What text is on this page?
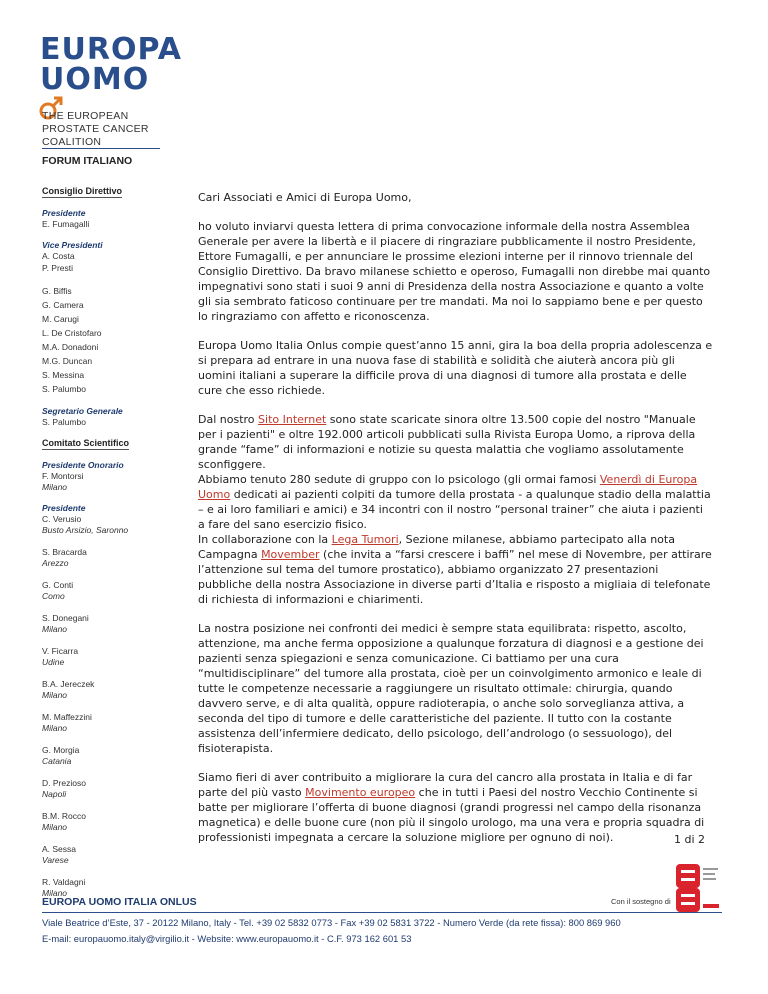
EUROPA
UOMO
THE EUROPEAN
PROSTATE CANCER
COALITION
FORUM ITALIANO
Consiglio Direttivo
Presidente
E. Fumagalli
Vice Presidenti
A. Costa
P. Presti
G. Biffis
G. Camera
M. Carugi
L. De Cristofaro
M.A. Donadoni
M.G. Duncan
S. Messina
S. Palumbo
Segretario Generale
S. Palumbo
Comitato Scientifico
Presidente Onorario
F. Montorsi
Milano
Presidente
C. Verusio
Busto Arsizio, Saronno
S. Bracarda
Arezzo
G. Conti
Como
S. Donegani
Milano
V. Ficarra
Udine
B.A. Jereczek
Milano
M. Maffezzini
Milano
G. Morgia
Catania
D. Prezioso
Napoli
B.M. Rocco
Milano
A. Sessa
Varese
R. Valdagni
Milano

Cari Associati e Amici di Europa Uomo,

ho voluto inviarvi questa lettera di prima convocazione informale della nostra Assemblea Generale per avere la libertà e il piacere di ringraziare pubblicamente il nostro Presidente, Ettore Fumagalli, e per annunciare le prossime elezioni interne per il rinnovo triennale del Consiglio Direttivo. Da bravo milanese schietto e operoso, Fumagalli non direbbe mai quanto impegnativi sono stati i suoi 9 anni di Presidenza della nostra Associazione e quanto a volte gli sia sembrato faticoso continuare per tre mandati. Ma noi lo sappiamo bene e per questo lo ringraziamo con affetto e riconoscenza.

Europa Uomo Italia Onlus compie quest’anno 15 anni, gira la boa della propria adolescenza e si prepara ad entrare in una nuova fase di stabilità e solidità che aiuterà ancora più gli uomini italiani a superare la difficile prova di una diagnosi di tumore alla prostata e delle cure che esso richiede.

Dal nostro Sito Internet sono state scaricate sinora oltre 13.500 copie del nostro "Manuale per i pazienti" e oltre 192.000 articoli pubblicati sulla Rivista Europa Uomo, a riprova della grande “fame” di informazioni e notizie su questa malattia che vogliamo assolutamente sconfiggere.
Abbiamo tenuto 280 sedute di gruppo con lo psicologo (gli ormai famosi Venerdì di Europa Uomo dedicati ai pazienti colpiti da tumore della prostata - a qualunque stadio della malattia – e ai loro familiari e amici) e 34 incontri con il nostro “personal trainer” che aiuta i pazienti a fare del sano esercizio fisico.
In collaborazione con la Lega Tumori, Sezione milanese, abbiamo partecipato alla nota Campagna Movember (che invita a “farsi crescere i baffi” nel mese di Novembre, per attirare l’attenzione sul tema del tumore prostatico), abbiamo organizzato 27 presentazioni pubbliche della nostra Associazione in diverse parti d’Italia e risposto a migliaia di telefonate di richiesta di informazioni e chiarimenti.

La nostra posizione nei confronti dei medici è sempre stata equilibrata: rispetto, ascolto, attenzione, ma anche ferma opposizione a qualunque forzatura di diagnosi e a gestione dei pazienti senza spiegazioni e senza comunicazione. Ci battiamo per una cura “multidisciplinare” del tumore alla prostata, cioè per un coinvolgimento armonico e leale di tutte le competenze necessarie a raggiungere un risultato ottimale: chirurgia, quando davvero serve, e di alta qualità, oppure radioterapia, o anche solo sorveglianza attiva, a seconda del tipo di tumore e delle caratteristiche del paziente. Il tutto con la costante assistenza dell’infermiere dedicato, dello psicologo, dell’andrologo (o sessuologo), del fisioterapista.

Siamo fieri di aver contribuito a migliorare la cura del cancro alla prostata in Italia e di far parte del più vasto Movimento europeo che in tutti i Paesi del nostro Vecchio Continente si batte per migliorare l’offerta di buone diagnosi (grandi progressi nel campo della risonanza magnetica) e delle buone cure (non più il singolo urologo, ma una vera e propria squadra di professionisti impegnata a cercare la soluzione migliore per ognuno di noi).	1 di 2
Con il sostegno di
EUROPA UOMO ITALIA ONLUS
Viale Beatrice d’Este, 37 - 20122 Milano, Italy - Tel. +39 02 5832 0773 - Fax +39 02 5831 3722 - Numero Verde (da rete fissa): 800 869 960
E-mail: europauomo.italy@virgilio.it - Website: www.europauomo.it - C.F. 973 162 601 53
